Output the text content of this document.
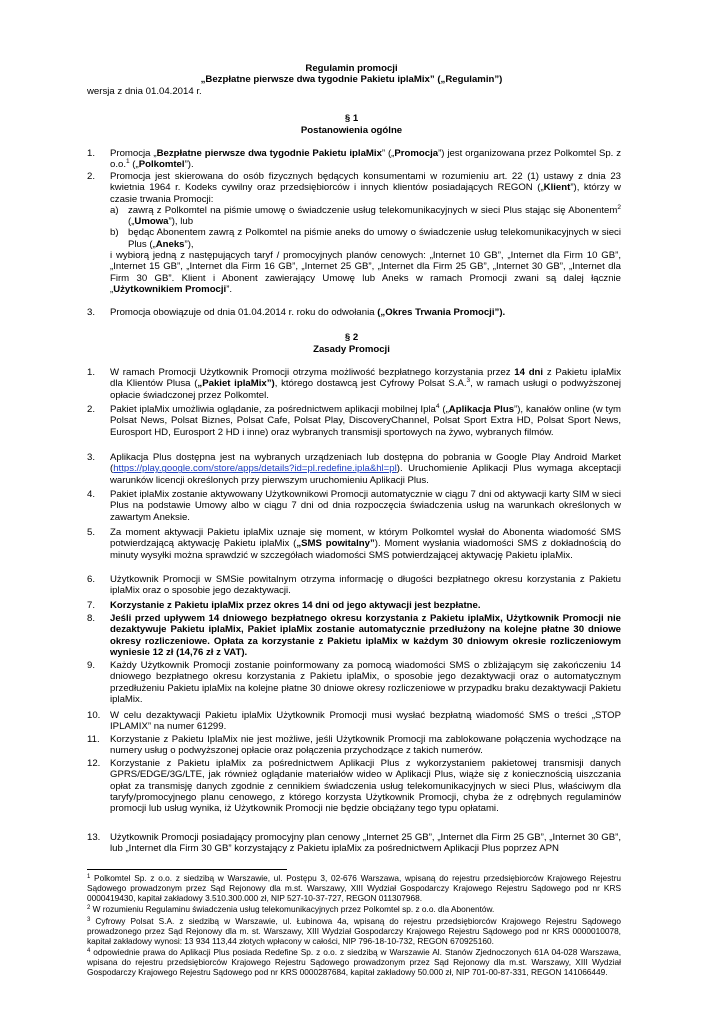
Regulamin promocji
„Bezpłatne pierwsze dwa tygodnie Pakietu iplaMix” („Regulamin”)
wersja z dnia 01.04.2014 r.
§ 1
Postanowienia ogólne
1.	Promocja „Bezpłatne pierwsze dwa tygodnie Pakietu iplaMix” („Promocja”) jest organizowana przez Polkomtel Sp. z o.o.$^1$ („Polkomtel”).
2.	Promocja jest skierowana do osób fizycznych będących konsumentami w rozumieniu art. 22 (1) ustawy z dnia 23 kwietnia 1964 r. Kodeks cywilny oraz przedsiębiorców i innych klientów posiadających REGON („Klient”), którzy w czasie trwania Promocji:
a) zawrą z Polkomtel na piśmie umowę o świadczenie usług telekomunikacyjnych w sieci Plus stając się Abonentem$^2$ („Umowa”), lub
b) będąc Abonentem zawrą z Polkomtel na piśmie aneks do umowy o świadczenie usług telekomunikacyjnych w sieci Plus („Aneks”),
i wybiorą jedną z następujących taryf / promocyjnych planów cenowych: „Internet 10 GB”, „Internet dla Firm 10 GB”, „Internet 15 GB”, „Internet dla Firm 16 GB”, „Internet 25 GB”, „Internet dla Firm 25 GB”, „Internet 30 GB”, „Internet dla Firm 30 GB”. Klient i Abonent zawierający Umowę lub Aneks w ramach Promocji zwani są dalej łącznie „Użytkownikiem Promocji”.
3.	Promocja obowiązuje od dnia 01.04.2014 r. roku do odwołania („Okres Trwania Promocji”).
§ 2
Zasady Promocji
1.	W ramach Promocji Użytkownik Promocji otrzyma możliwość bezpłatnego korzystania przez 14 dni z Pakietu iplaMix dla Klientów Plusa („Pakiet iplaMix”), którego dostawcą jest Cyfrowy Polsat S.A.$^3$, w ramach usługi o podwyższonej opłacie świadczonej przez Polkomtel.
2.	Pakiet iplaMix umożliwia oglądanie, za pośrednictwem aplikacji mobilnej Ipla$^4$ („Aplikacja Plus”), kanałów online (w tym Polsat News, Polsat Biznes, Polsat Cafe, Polsat Play, DiscoveryChannel, Polsat Sport Extra HD, Polsat Sport News, Eurosport HD, Eurosport 2 HD i inne) oraz wybranych transmisji sportowych na żywo, wybranych filmów.
3.	Aplikacja Plus dostępna jest na wybranych urządzeniach lub dostępna do pobrania w Google Play Android Market (https://play.google.com/store/apps/details?id=pl.redefine.ipla&hl=pl). Uruchomienie Aplikacji Plus wymaga akceptacji warunków licencji określonych przy pierwszym uruchomieniu Aplikacji Plus.
4.	Pakiet iplaMix zostanie aktywowany Użytkownikowi Promocji automatycznie w ciągu 7 dni od aktywacji karty SIM w sieci Plus na podstawie Umowy albo w ciągu 7 dni od dnia rozpoczęcia świadczenia usług na warunkach określonych w zawartym Aneksie.
5.	Za moment aktywacji Pakietu iplaMix uznaje się moment, w którym Polkomtel wysłał do Abonenta wiadomość SMS potwierdzającą aktywację Pakietu iplaMix („SMS powitalny”). Moment wysłania wiadomości SMS z dokładnością do minuty wysyłki można sprawdzić w szczegółach wiadomości SMS potwierdzającej aktywację Pakietu iplaMix.
6.	Użytkownik Promocji w SMSie powitalnym otrzyma informację o długości bezpłatnego okresu korzystania z Pakietu iplaMix oraz o sposobie jego dezaktywacji.
7.	Korzystanie z Pakietu iplaMix przez okres 14 dni od jego aktywacji jest bezpłatne.
8.	Jeśli przed upływem 14 dniowego bezpłatnego okresu korzystania z Pakietu iplaMix, Użytkownik Promocji nie dezaktywuje Pakietu iplaMix, Pakiet iplaMix zostanie automatycznie przedłużony na kolejne płatne 30 dniowe okresy rozliczeniowe. Opłata za korzystanie z Pakietu iplaMix w każdym 30 dniowym okresie rozliczeniowym wyniesie 12 zł (14,76 zł z VAT).
9.	Każdy Użytkownik Promocji zostanie poinformowany za pomocą wiadomości SMS o zbliżającym się zakończeniu 14 dniowego bezpłatnego okresu korzystania z Pakietu iplaMix, o sposobie jego dezaktywacji oraz o automatycznym przedłużeniu Pakietu iplaMix na kolejne płatne 30 dniowe okresy rozliczeniowe w przypadku braku dezaktywacji Pakietu iplaMix.
10.	W celu dezaktywacji Pakietu iplaMix Użytkownik Promocji musi wysłać bezpłatną wiadomość SMS o treści „STOP IPLAMIX” na numer 61299.
11.	Korzystanie z Pakietu IplaMix nie jest możliwe, jeśli Użytkownik Promocji ma zablokowane połączenia wychodzące na numery usług o podwyższonej opłacie oraz połączenia przychodzące z takich numerów.
12.	Korzystanie z Pakietu iplaMix za pośrednictwem Aplikacji Plus z wykorzystaniem pakietowej transmisji danych GPRS/EDGE/3G/LTE, jak również oglądanie materiałów wideo w Aplikacji Plus, wiąże się z koniecznością uiszczania opłat za transmisję danych zgodnie z cennikiem świadczenia usług telekomunikacyjnych w sieci Plus, właściwym dla taryfy/promocyjnego planu cenowego, z którego korzysta Użytkownik Promocji, chyba że z odrębnych regulaminów promocji lub usług wynika, iż Użytkownik Promocji nie będzie obciążany tego typu opłatami.
13.	Użytkownik Promocji posiadający promocyjny plan cenowy „Internet 25 GB”, „Internet dla Firm 25 GB”, „Internet 30 GB”, lub „Internet dla Firm 30 GB” korzystający z Pakietu iplaMix za pośrednictwem Aplikacji Plus poprzez APN
$^1$ Polkomtel Sp. z o.o. z siedzibą w Warszawie, ul. Postępu 3, 02-676 Warszawa, wpisaną do rejestru przedsiębiorców Krajowego Rejestru Sądowego prowadzonym przez Sąd Rejonowy dla m.st. Warszawy, XIII Wydział Gospodarczy Krajowego Rejestru Sądowego pod nr KRS 0000419430, kapitał zakładowy 3.510.300.000 zł, NIP 527-10-37-727, REGON 011307968.
$^2$ W rozumieniu Regulaminu świadczenia usług telekomunikacyjnych przez Polkomtel sp. z o.o. dla Abonentów.
$^3$ Cyfrowy Polsat S.A. z siedzibą w Warszawie, ul. Łubinowa 4a, wpisaną do rejestru przedsiębiorców Krajowego Rejestru Sądowego prowadzonego przez Sąd Rejonowy dla m. st. Warszawy, XIII Wydział Gospodarczy Krajowego Rejestru Sądowego pod nr KRS 0000010078, kapitał zakładowy wynosi: 13 934 113,44 złotych wpłacony w całości, NIP 796-18-10-732, REGON 670925160.
$^4$ odpowiednie prawa do Aplikacji Plus posiada Redefine Sp. z o.o. z siedzibą w Warszawie Al. Stanów Zjednoczonych 61A 04-028 Warszawa, wpisana do rejestru przedsiębiorców Krajowego Rejestru Sądowego prowadzonym przez Sąd Rejonowy dla m.st. Warszawy, XIII Wydział Gospodarczy Krajowego Rejestru Sądowego pod nr KRS 0000287684, kapitał zakładowy 50.000 zł, NIP 701-00-87-331, REGON 141066449.
